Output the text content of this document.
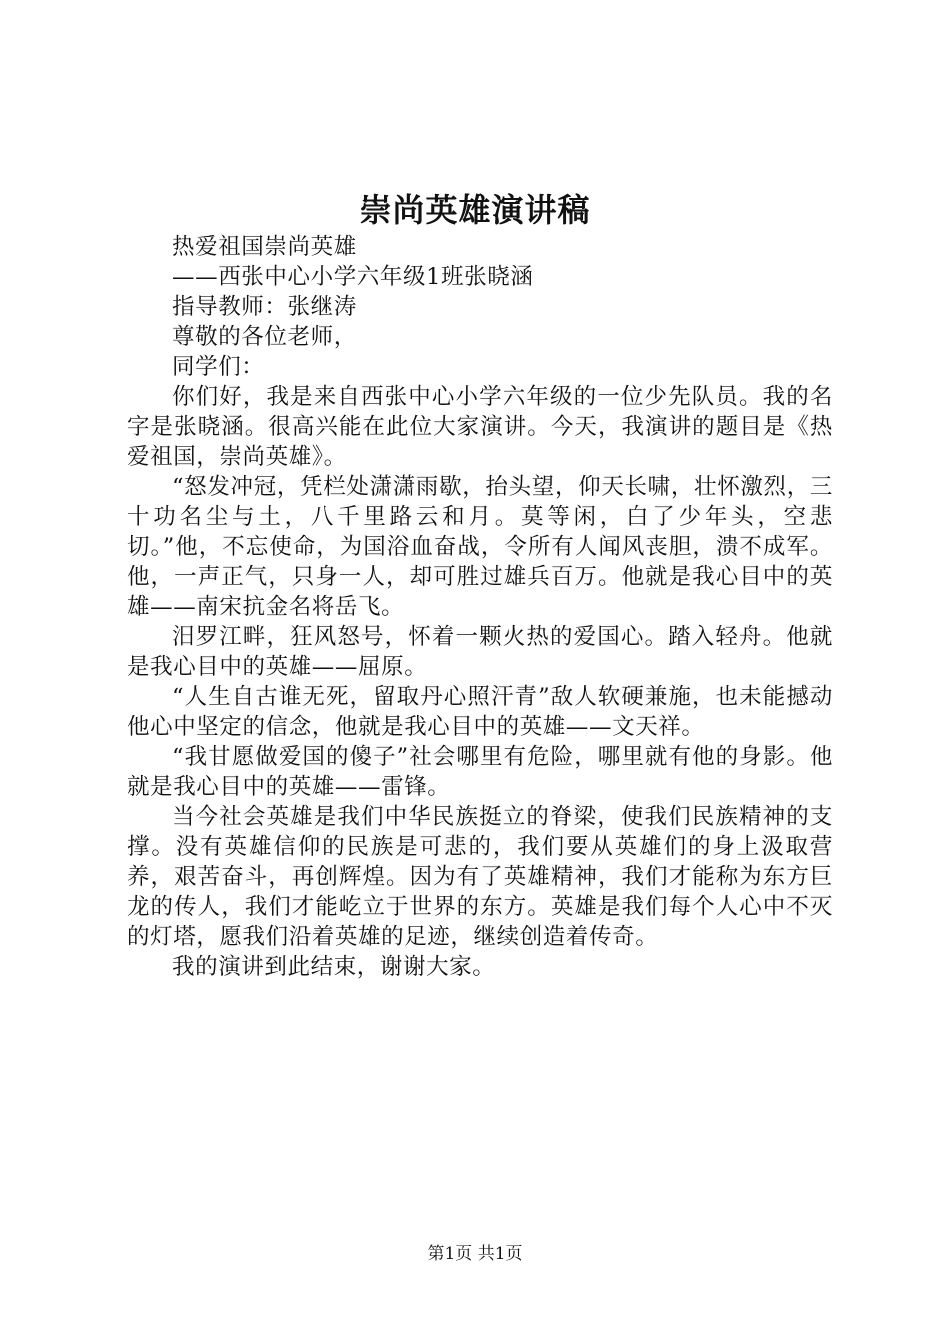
崇尚英雄演讲稿

热爱祖国崇尚英雄

——西张中心小学六年级1班张晓涵

指导教师：张继涛

尊敬的各位老师，

同学们：

你们好，我是来自西张中心小学六年级的一位少先队员。我的名字是张晓涵。很高兴能在此位大家演讲。今天，我演讲的题目是《热爱祖国，崇尚英雄》。

“怒发冲冠，凭栏处潇潇雨歇，抬头望，仰天长啸，壮怀激烈，三十功名尘与土，八千里路云和月。莫等闲，白了少年头，空悲切。”他，不忘使命，为国浴血奋战，令所有人闻风丧胆，溃不成军。他，一声正气，只身一人，却可胜过雄兵百万。他就是我心目中的英雄——南宋抗金名将岳飞。

汨罗江畔，狂风怒号，怀着一颗火热的爱国心。踏入轻舟。他就是我心目中的英雄——屈原。

“人生自古谁无死，留取丹心照汗青”敌人软硬兼施，也未能撼动他心中坚定的信念，他就是我心目中的英雄——文天祥。

“我甘愿做爱国的傻子”社会哪里有危险，哪里就有他的身影。他就是我心目中的英雄——雷锋。

当今社会英雄是我们中华民族挺立的脊梁，使我们民族精神的支撑。没有英雄信仰的民族是可悲的，我们要从英雄们的身上汲取营养，艰苦奋斗，再创辉煌。因为有了英雄精神，我们才能称为东方巨龙的传人，我们才能屹立于世界的东方。英雄是我们每个人心中不灭的灯塔，愿我们沿着英雄的足迹，继续创造着传奇。

我的演讲到此结束，谢谢大家。

第1页 共1页
